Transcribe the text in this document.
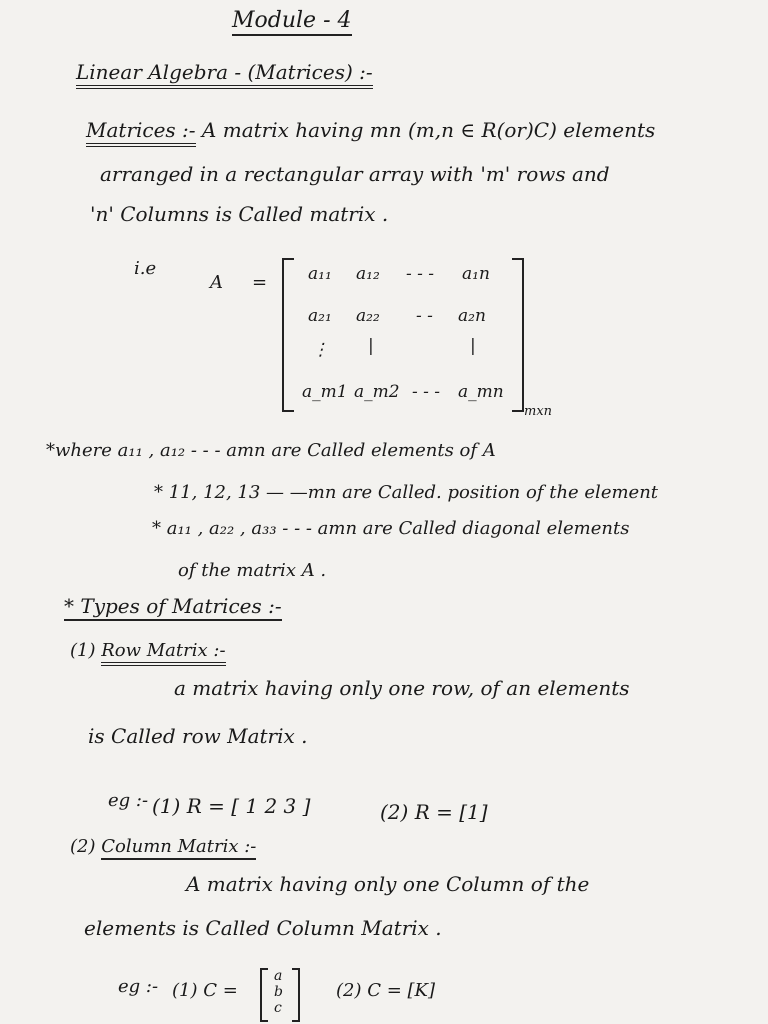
Module - 4
Linear Algebra - (Matrices) :-
Matrices :- A matrix having mn (m,n ∈ R(or)C) elements
arranged in a rectangular array with 'm' rows and
'n' Columns is Called matrix .
i.e
A = a₁₁ a₁₂ - - - a₁n
a₂₁ a₂₂ - - a₂n
⋮ |	|
a_m1 a_m2 - - - a_mn
mxn
*where a₁₁ , a₁₂ - - - amn are Called elements of A
* 11, 12, 13 — —mn are Called. position of the element
* a₁₁ , a₂₂ , a₃₃ - - - amn are Called diagonal elements
of the matrix A .
* Types of Matrices :-
(1) Row Matrix :-
a matrix having only one row, of an elements
is Called row Matrix .
eg :- (1) R = [ 1 2 3 ]	(2) R = [1]
(2) Column Matrix :-
A matrix having only one Column of the
elements is Called Column Matrix .
eg :- (1) C =
a
b
c
(2) C = [K]
